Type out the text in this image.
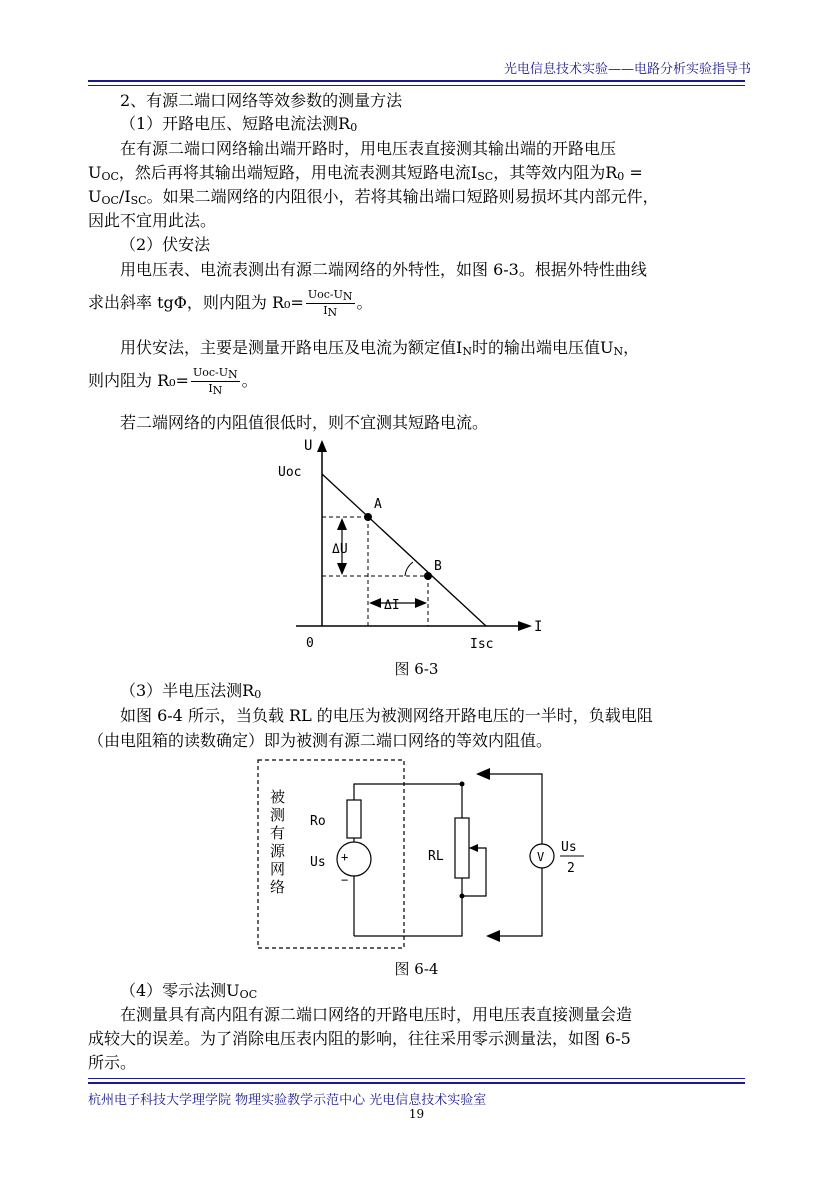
光电信息技术实验——电路分析实验指导书
2、有源二端口网络等效参数的测量方法
（1）开路电压、短路电流法测$R_0$
在有源二端口网络输出端开路时，用电压表直接测其输出端的开路电压
$U_{OC}$，然后再将其输出端短路，用电流表测其短路电流$I_{SC}$，其等效内阻为$R_0$ =
$U_{OC}/I_{SC}$。如果二端网络的内阻很小，若将其输出端口短路则易损坏其内部元件，
因此不宜用此法。
（2）伏安法
用电压表、电流表测出有源二端网络的外特性，如图 6-3。根据外特性曲线
求出斜率 tgΦ，则内阻为 $R_0= \frac{Uoc-U_N}{I_N}$ 。
用伏安法，主要是测量开路电压及电流为额定值$I_N$时的输出端电压值$U_N$，
则内阻为 $R_0= \frac{Uoc-U_N}{I_N}$ 。
若二端网络的内阻值很低时，则不宜测其短路电流。
U
Uoc
A
B
ΔU
ΔI
0	Isc
I
图 6-3
（3）半电压法测$R_0$
如图 6-4 所示，当负载 RL 的电压为被测网络开路电压的一半时，负载电阻
（由电阻箱的读数确定）即为被测有源二端口网络的等效内阻值。
被
测
有
源
网
络
Ro
Us +
−
RL	V
Us
2
图 6-4
（4）零示法测$U_{OC}$
在测量具有高内阻有源二端口网络的开路电压时，用电压表直接测量会造
成较大的误差。为了消除电压表内阻的影响，往往采用零示测量法，如图 6-5
所示。
杭州电子科技大学理学院 物理实验教学示范中心 光电信息技术实验室
19
